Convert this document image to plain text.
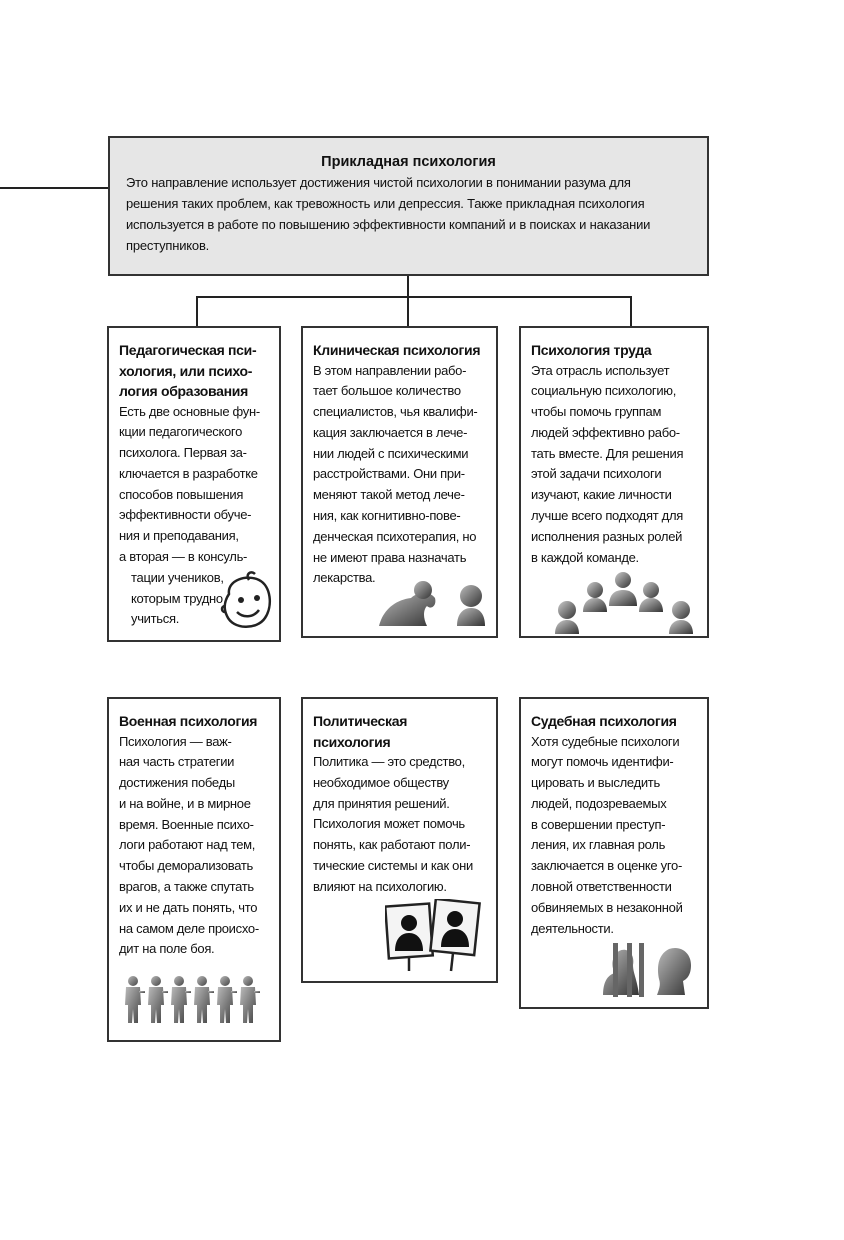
Прикладная психология
Это направление использует достижения чистой психологии в понимании разума для
решения таких проблем, как тревожность или депрессия. Также прикладная психология
используется в работе по повышению эффективности компаний и в поисках и наказании
преступников.
Педагогическая пси-
хология, или психо-
логия образования
Есть две основные фун-
кции педагогического
психолога. Первая за-
ключается в разработке
способов повышения
эффективности обуче-
ния и преподавания,
а вторая — в консуль-
тации учеников,
которым трудно
учиться.
Клиническая психология
В этом направлении рабо-
тает большое количество
специалистов, чья квалифи-
кация заключается в лече-
нии людей с психическими
расстройствами. Они при-
меняют такой метод лече-
ния, как когнитивно-пове-
денческая психотерапия, но
не имеют права назначать
лекарства.
Психология труда
Эта отрасль использует
социальную психологию,
чтобы помочь группам
людей эффективно рабо-
тать вместе. Для решения
этой задачи психологи
изучают, какие личности
лучше всего подходят для
исполнения разных ролей
в каждой команде.
Военная психология
Психология — важ-
ная часть стратегии
достижения победы
и на войне, и в мирное
время. Военные психо-
логи работают над тем,
чтобы деморализовать
врагов, а также спутать
их и не дать понять, что
на самом деле происхо-
дит на поле боя.
Политическая
психология
Политика — это средство,
необходимое обществу
для принятия решений.
Психология может помочь
понять, как работают поли-
тические системы и как они
влияют на психологию.
Судебная психология
Хотя судебные психологи
могут помочь идентифи-
цировать и выследить
людей, подозреваемых
в совершении преступ-
ления, их главная роль
заключается в оценке уго-
ловной ответственности
обвиняемых в незаконной
деятельности.
